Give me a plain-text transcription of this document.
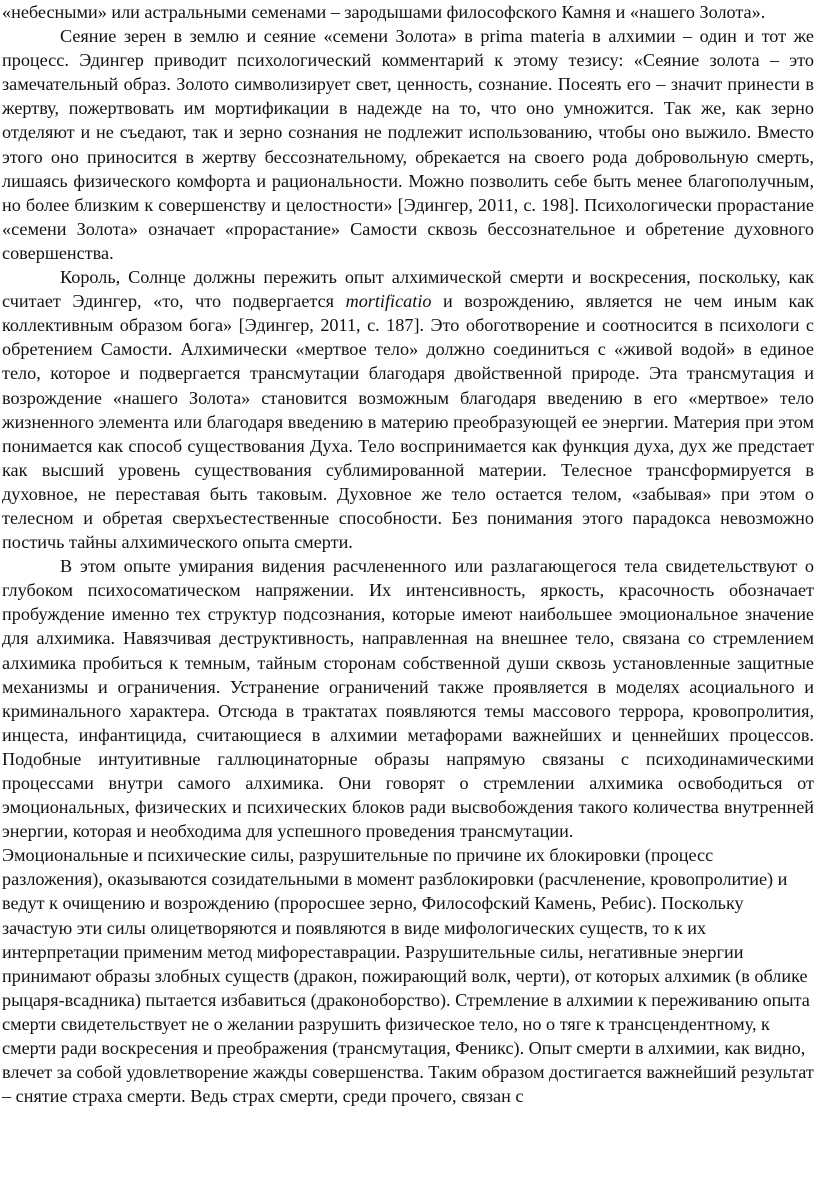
«небесными» или астральными семенами – зародышами философского Камня и «нашего Золота».

Сеяние зерен в землю и сеяние «семени Золота» в prima materia в алхимии – один и тот же процесс. Эдингер приводит психологический комментарий к этому тезису: «Сеяние золота – это замечательный образ. Золото символизирует свет, ценность, сознание. Посеять его – значит принести в жертву, пожертвовать им мортификации в надежде на то, что оно умножится. Так же, как зерно отделяют и не съедают, так и зерно сознания не подлежит использованию, чтобы оно выжило. Вместо этого оно приносится в жертву бессознательному, обрекается на своего рода добровольную смерть, лишаясь физического комфорта и рациональности. Можно позволить себе быть менее благополучным, но более близким к совершенству и целостности» [Эдингер, 2011, с. 198]. Психологически прорастание «семени Золота» означает «прорастание» Самости сквозь бессознательное и обретение духовного совершенства.

Король, Солнце должны пережить опыт алхимической смерти и воскресения, поскольку, как считает Эдингер, «то, что подвергается mortificatio и возрождению, является не чем иным как коллективным образом бога» [Эдингер, 2011, с. 187]. Это обоготворение и соотносится в психологи с обретением Самости. Алхимически «мертвое тело» должно соединиться с «живой водой» в единое тело, которое и подвергается трансмутации благодаря двойственной природе. Эта трансмутация и возрождение «нашего Золота» становится возможным благодаря введению в его «мертвое» тело жизненного элемента или благодаря введению в материю преобразующей ее энергии. Материя при этом понимается как способ существования Духа. Тело воспринимается как функция духа, дух же предстает как высший уровень существования сублимированной материи. Телесное трансформируется в духовное, не переставая быть таковым. Духовное же тело остается телом, «забывая» при этом о телесном и обретая сверхъестественные способности. Без понимания этого парадокса невозможно постичь тайны алхимического опыта смерти.

В этом опыте умирания видения расчлененного или разлагающегося тела свидетельствуют о глубоком психосоматическом напряжении. Их интенсивность, яркость, красочность обозначает пробуждение именно тех структур подсознания, которые имеют наибольшее эмоциональное значение для алхимика. Навязчивая деструктивность, направленная на внешнее тело, связана со стремлением алхимика пробиться к темным, тайным сторонам собственной души сквозь установленные защитные механизмы и ограничения. Устранение ограничений также проявляется в моделях асоциального и криминального характера. Отсюда в трактатах появляются темы массового террора, кровопролития, инцеста, инфантицида, считающиеся в алхимии метафорами важнейших и ценнейших процессов. Подобные интуитивные галлюцинаторные образы напрямую связаны с психодинамическими процессами внутри самого алхимика. Они говорят о стремлении алхимика освободиться от эмоциональных, физических и психических блоков ради высвобождения такого количества внутренней энергии, которая и необходима для успешного проведения трансмутации.

Эмоциональные и психические силы, разрушительные по причине их блокировки (процесс разложения), оказываются созидательными в момент разблокировки (расчленение, кровопролитие) и ведут к очищению и возрождению (проросшее зерно, Философский Камень, Ребис). Поскольку зачастую эти силы олицетворяются и появляются в виде мифологических существ, то к их интерпретации применим метод мифореставрации. Разрушительные силы, негативные энергии принимают образы злобных существ (дракон, пожирающий волк, черти), от которых алхимик (в облике рыцаря-всадника) пытается избавиться (драконоборство). Стремление в алхимии к переживанию опыта смерти свидетельствует не о желании разрушить физическое тело, но о тяге к трансцендентному, к смерти ради воскресения и преображения (трансмутация, Феникс). Опыт смерти в алхимии, как видно, влечет за собой удовлетворение жажды совершенства. Таким образом достигается важнейший результат – снятие страха смерти. Ведь страх смерти, среди прочего, связан с
